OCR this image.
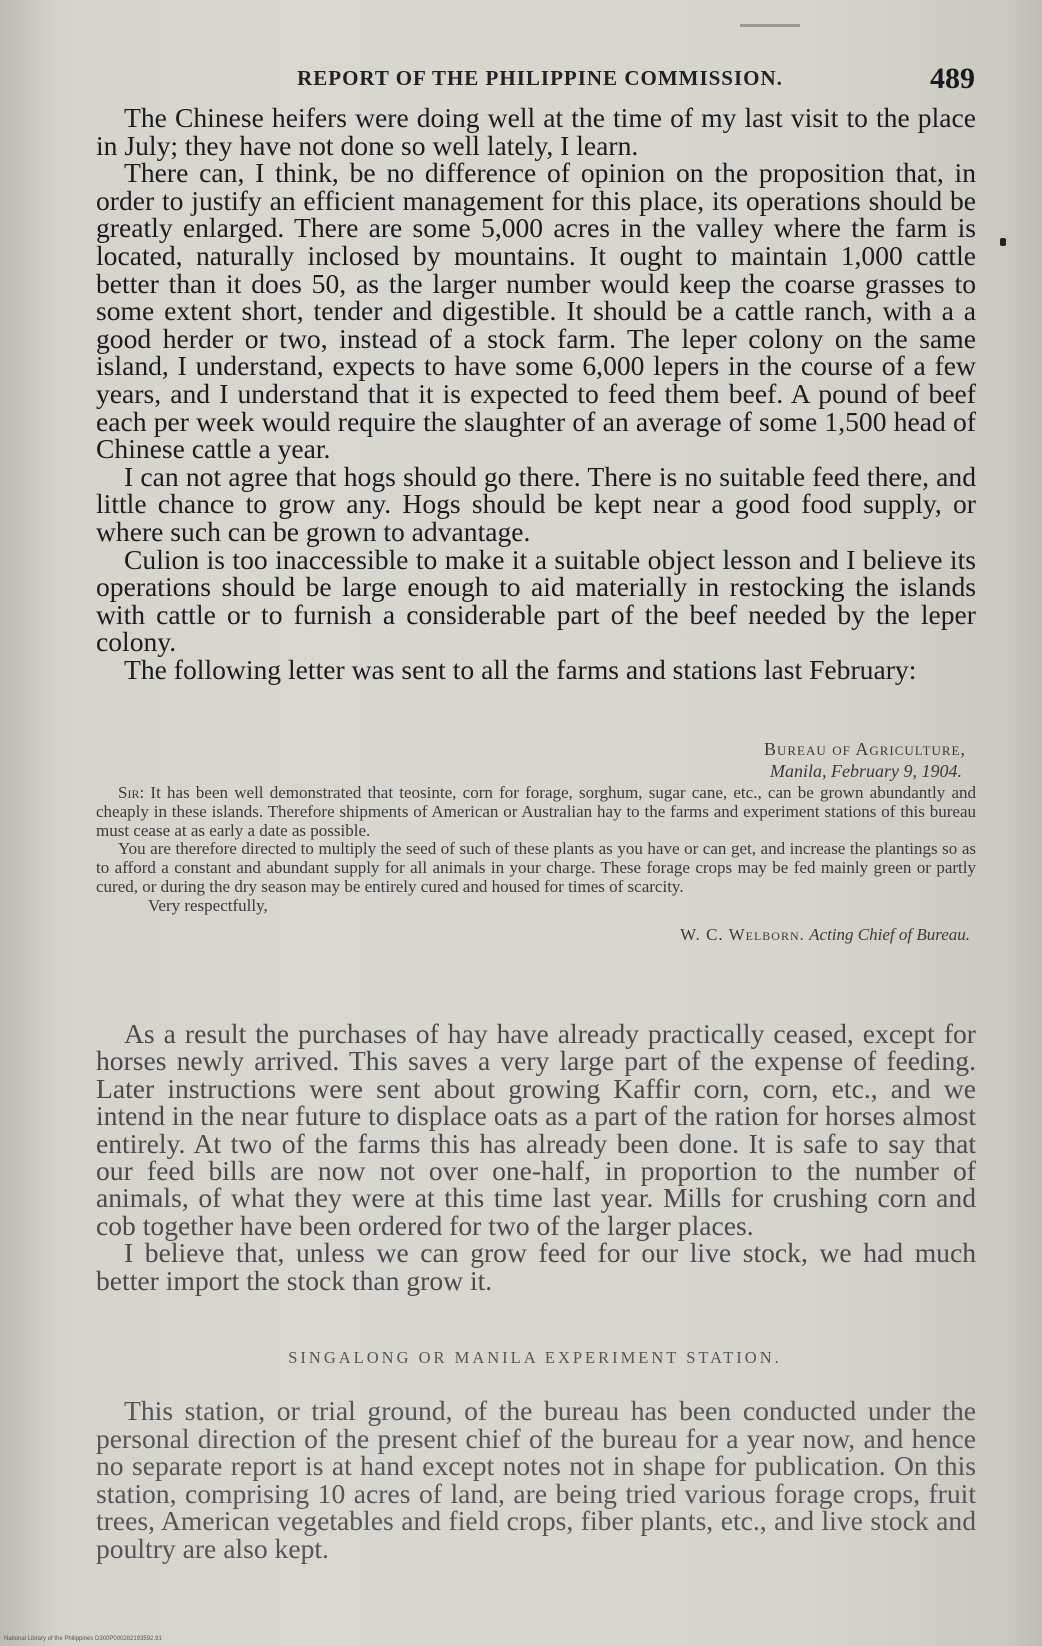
REPORT OF THE PHILIPPINE COMMISSION.	489

The Chinese heifers were doing well at the time of my last visit to the place in July; they have not done so well lately, I learn.

There can, I think, be no difference of opinion on the proposition that, in order to justify an efficient management for this place, its operations should be greatly enlarged. There are some 5,000 acres in the valley where the farm is located, naturally inclosed by mountains. It ought to maintain 1,000 cattle better than it does 50, as the larger number would keep the coarse grasses to some extent short, tender and digestible. It should be a cattle ranch, with a a good herder or two, instead of a stock farm. The leper colony on the same island, I understand, expects to have some 6,000 lepers in the course of a few years, and I understand that it is expected to feed them beef. A pound of beef each per week would require the slaughter of an average of some 1,500 head of Chinese cattle a year.

I can not agree that hogs should go there. There is no suitable feed there, and little chance to grow any. Hogs should be kept near a good food supply, or where such can be grown to advantage.

Culion is too inaccessible to make it a suitable object lesson and I believe its operations should be large enough to aid materially in restocking the islands with cattle or to furnish a considerable part of the beef needed by the leper colony.

The following letter was sent to all the farms and stations last February:

Bureau of Agriculture,
Manila, February 9, 1904.

Sir: It has been well demonstrated that teosinte, corn for forage, sorghum, sugar cane, etc., can be grown abundantly and cheaply in these islands. Therefore shipments of American or Australian hay to the farms and experiment stations of this bureau must cease at as early a date as possible.

You are therefore directed to multiply the seed of such of these plants as you have or can get, and increase the plantings so as to afford a constant and abundant supply for all animals in your charge. These forage crops may be fed mainly green or partly cured, or during the dry season may be entirely cured and housed for times of scarcity.

Very respectfully,

W. C. Welborn. Acting Chief of Bureau.

As a result the purchases of hay have already practically ceased, except for horses newly arrived. This saves a very large part of the expense of feeding. Later instructions were sent about growing Kaffir corn, corn, etc., and we intend in the near future to displace oats as a part of the ration for horses almost entirely. At two of the farms this has already been done. It is safe to say that our feed bills are now not over one-half, in proportion to the number of animals, of what they were at this time last year. Mills for crushing corn and cob together have been ordered for two of the larger places.

I believe that, unless we can grow feed for our live stock, we had much better import the stock than grow it.

SINGALONG OR MANILA EXPERIMENT STATION.

This station, or trial ground, of the bureau has been conducted under the personal direction of the present chief of the bureau for a year now, and hence no separate report is at hand except notes not in shape for publication. On this station, comprising 10 acres of land, are being tried various forage crops, fruit trees, American vegetables and field crops, fiber plants, etc., and live stock and poultry are also kept.

National Library of the Philippines D300P000282193592.91
